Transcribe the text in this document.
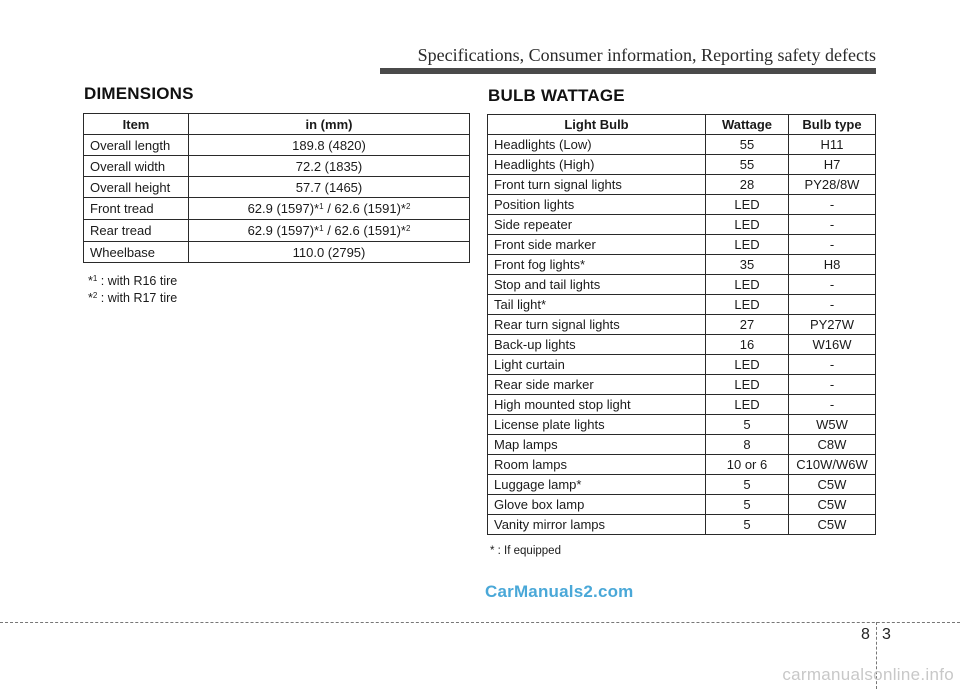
Specifications, Consumer information, Reporting safety defects
DIMENSIONS
Item	in (mm)
Overall length	189.8 (4820)
Overall width	72.2 (1835)
Overall height	57.7 (1465)
Front tread	62.9 (1597)*$^1$ / 62.6 (1591)*$^2$
Rear tread	62.9 (1597)*$^1$ / 62.6 (1591)*$^2$
Wheelbase	110.0 (2795)
*$^1$ : with R16 tire
*$^2$ : with R17 tire
BULB WATTAGE
Light Bulb	Wattage	Bulb type
Headlights (Low)	55	H11
Headlights (High)	55	H7
Front turn signal lights	28	PY28/8W
Position lights	LED	-
Side repeater	LED	-
Front side marker	LED	-
Front fog lights*	35	H8
Stop and tail lights	LED	-
Tail light*	LED	-
Rear turn signal lights	27	PY27W
Back-up lights	16	W16W
Light curtain	LED	-
Rear side marker	LED	-
High mounted stop light	LED	-
License plate lights	5	W5W
Map lamps	8	C8W
Room lamps	10 or 6	C10W/W6W
Luggage lamp*	5	C5W
Glove box lamp	5	C5W
Vanity mirror lamps	5	C5W
* : If equipped
CarManuals2.com
8 3
carmanualsonline.info
